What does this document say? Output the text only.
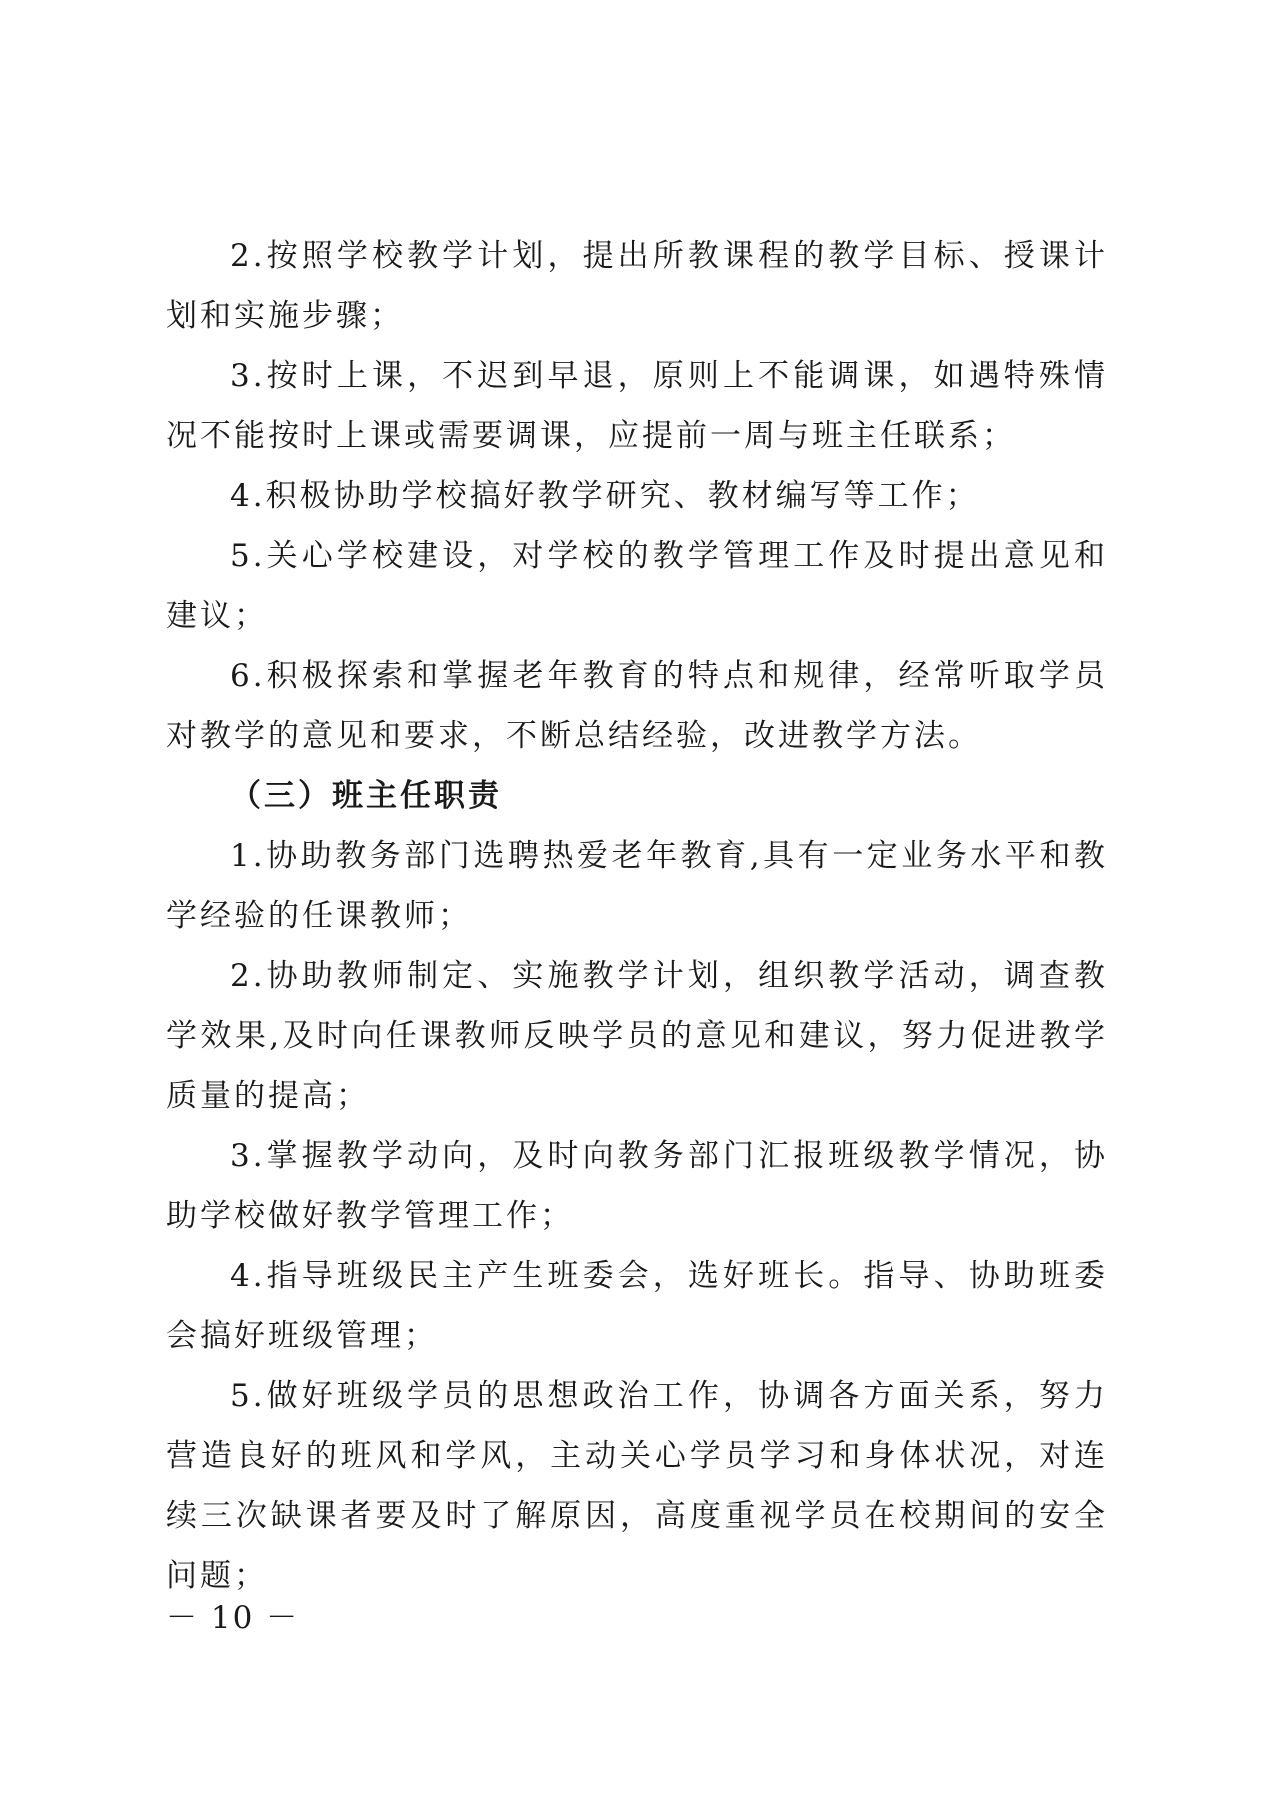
2.按照学校教学计划，提出所教课程的教学目标、授课计划和实施步骤；

3.按时上课，不迟到早退，原则上不能调课，如遇特殊情况不能按时上课或需要调课，应提前一周与班主任联系；

4.积极协助学校搞好教学研究、教材编写等工作；

5.关心学校建设，对学校的教学管理工作及时提出意见和建议；

6.积极探索和掌握老年教育的特点和规律，经常听取学员对教学的意见和要求，不断总结经验，改进教学方法。

（三）班主任职责

1.协助教务部门选聘热爱老年教育,具有一定业务水平和教学经验的任课教师；

2.协助教师制定、实施教学计划，组织教学活动，调查教学效果,及时向任课教师反映学员的意见和建议，努力促进教学质量的提高；

3.掌握教学动向，及时向教务部门汇报班级教学情况，协助学校做好教学管理工作；

4.指导班级民主产生班委会，选好班长。指导、协助班委会搞好班级管理；

5.做好班级学员的思想政治工作，协调各方面关系，努力营造良好的班风和学风，主动关心学员学习和身体状况，对连续三次缺课者要及时了解原因，高度重视学员在校期间的安全问题；

－ 10 －
